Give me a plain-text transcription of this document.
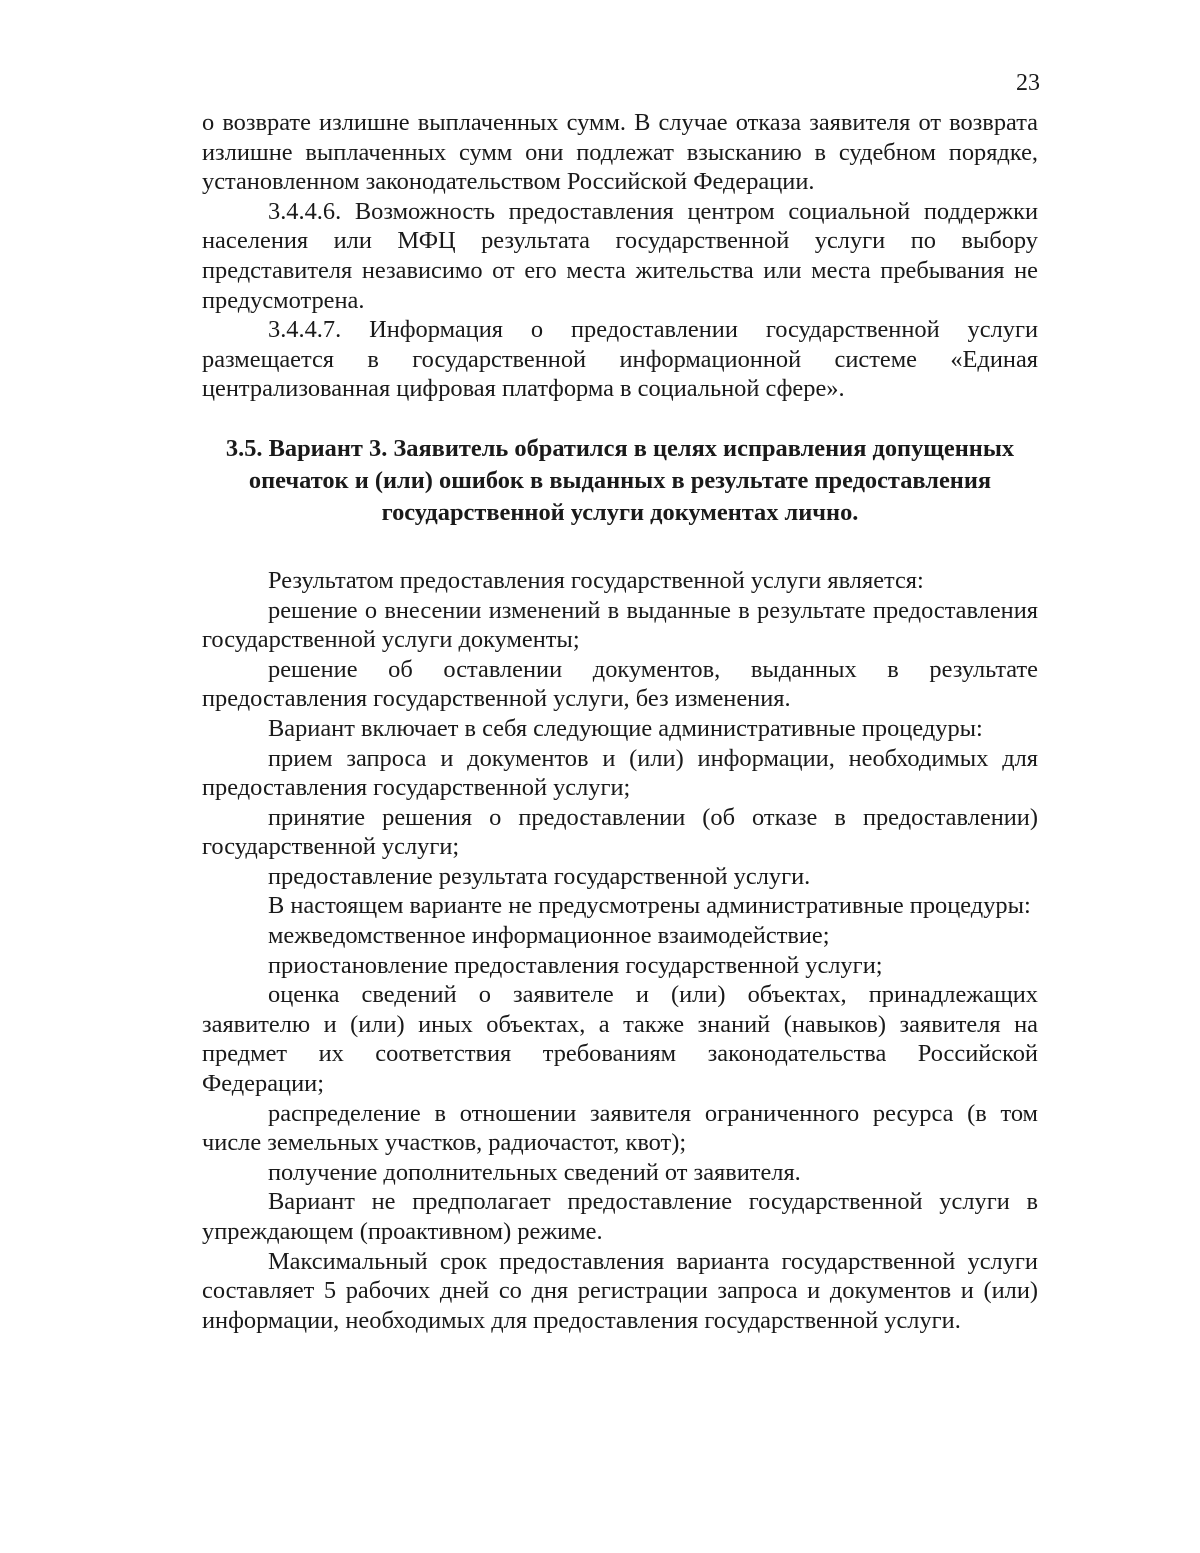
23

о возврате излишне выплаченных сумм. В случае отказа заявителя от возврата излишне выплаченных сумм они подлежат взысканию в судебном порядке, установленном законодательством Российской Федерации.

3.4.4.6. Возможность предоставления центром социальной поддержки населения или МФЦ результата государственной услуги по выбору представителя независимо от его места жительства или места пребывания не предусмотрена.

3.4.4.7. Информация о предоставлении государственной услуги размещается в государственной информационной системе «Единая централизованная цифровая платформа в социальной сфере».

3.5. Вариант 3. Заявитель обратился в целях исправления допущенных опечаток и (или) ошибок в выданных в результате предоставления государственной услуги документах лично.

Результатом предоставления государственной услуги является:

решение о внесении изменений в выданные в результате предоставления государственной услуги документы;

решение об оставлении документов, выданных в результате предоставления государственной услуги, без изменения.

Вариант включает в себя следующие административные процедуры:

прием запроса и документов и (или) информации, необходимых для предоставления государственной услуги;

принятие решения о предоставлении (об отказе в предоставлении) государственной услуги;

предоставление результата государственной услуги.

В настоящем варианте не предусмотрены административные процедуры:

межведомственное информационное взаимодействие;

приостановление предоставления государственной услуги;

оценка сведений о заявителе и (или) объектах, принадлежащих заявителю и (или) иных объектах, а также знаний (навыков) заявителя на предмет их соответствия требованиям законодательства Российской Федерации;

распределение в отношении заявителя ограниченного ресурса (в том числе земельных участков, радиочастот, квот);

получение дополнительных сведений от заявителя.

Вариант не предполагает предоставление государственной услуги в упреждающем (проактивном) режиме.

Максимальный срок предоставления варианта государственной услуги составляет 5 рабочих дней со дня регистрации запроса и документов и (или) информации, необходимых для предоставления государственной услуги.
